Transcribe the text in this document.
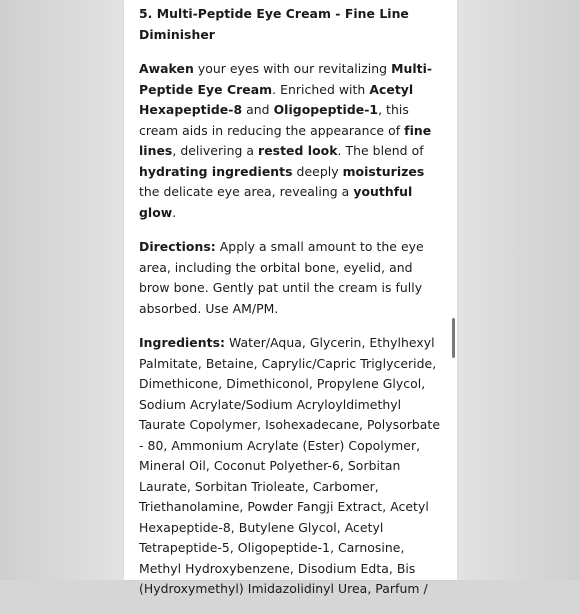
5. Multi-Peptide Eye Cream - Fine Line Diminisher

Awaken your eyes with our revitalizing Multi-Peptide Eye Cream. Enriched with Acetyl Hexapeptide-8 and Oligopeptide-1, this cream aids in reducing the appearance of fine lines, delivering a rested look. The blend of hydrating ingredients deeply moisturizes the delicate eye area, revealing a youthful glow.

Directions: Apply a small amount to the eye area, including the orbital bone, eyelid, and brow bone. Gently pat until the cream is fully absorbed. Use AM/PM.

Ingredients: Water/Aqua, Glycerin, Ethylhexyl Palmitate, Betaine, Caprylic/Capric Triglyceride, Dimethicone, Dimethiconol, Propylene Glycol, Sodium Acrylate/Sodium Acryloyldimethyl Taurate Copolymer, Isohexadecane, Polysorbate - 80, Ammonium Acrylate (Ester) Copolymer, Mineral Oil, Coconut Polyether-6, Sorbitan Laurate, Sorbitan Trioleate, Carbomer, Triethanolamine, Powder Fangji Extract, Acetyl Hexapeptide-8, Butylene Glycol, Acetyl Tetrapeptide-5, Oligopeptide-1, Carnosine, Methyl Hydroxybenzene, Disodium Edta, Bis (Hydroxymethyl) Imidazolidinyl Urea, Parfum /
